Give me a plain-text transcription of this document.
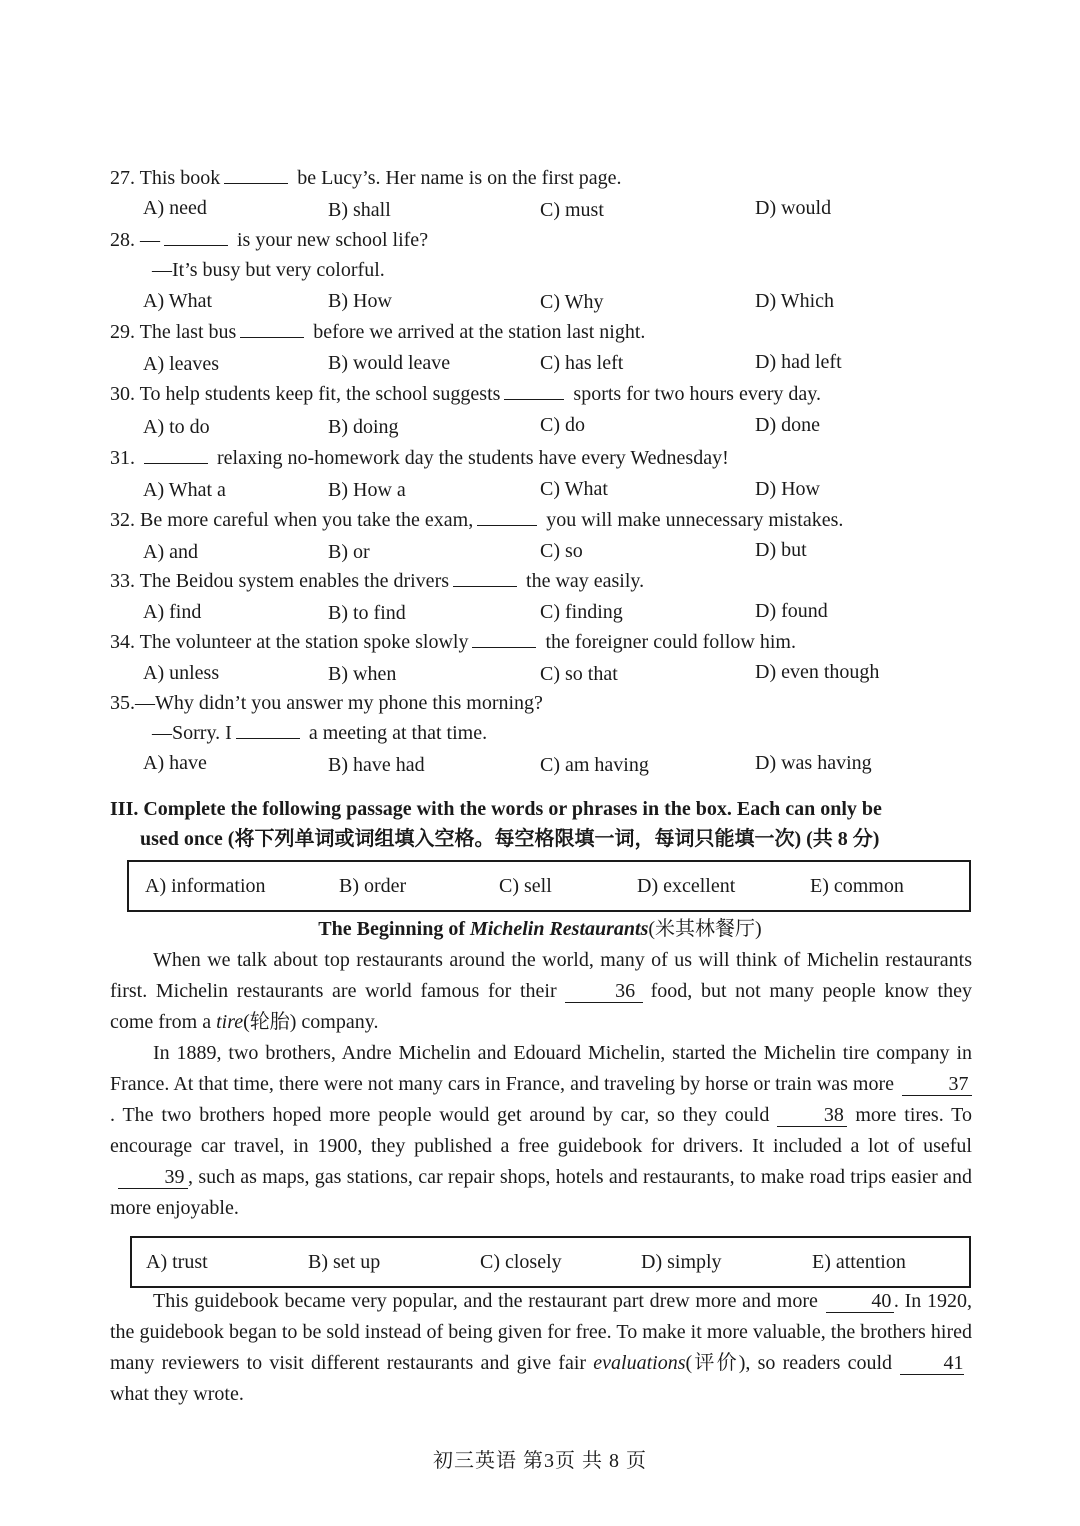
27. This book	be Lucy’s. Her name is on the first page.
A) need	B) shall	C) must	D) would
28. —	is your new school life?
—It’s busy but very colorful.
A) What	B) How	C) Why	D) Which
29. The last bus	before we arrived at the station last night.
A) leaves	B) would leave	C) has left	D) had left
30. To help students keep fit, the school suggests	sports for two hours every day.
A) to do	B) doing	C) do	D) done
31.	relaxing no-homework day the students have every Wednesday!
A) What a	B) How a	C) What	D) How
32. Be more careful when you take the exam,	you will make unnecessary mistakes.
A) and	B) or	C) so	D) but
33. The Beidou system enables the drivers	the way easily.
A) find	B) to find	C) finding	D) found
34. The volunteer at the station spoke slowly	the foreigner could follow him.
A) unless	B) when	C) so that	D) even though
35.—Why didn’t you answer my phone this morning?
—Sorry. I	a meeting at that time.
A) have	B) have had	C) am having	D) was having
III. Complete the following passage with the words or phrases in the box. Each can only be
used once (将下列单词或词组填入空格。每空格限填一词，每词只能填一次) (共 8 分)
A) information	B) order	C) sell	D) excellent	E) common
The Beginning of Michelin Restaurants(米其林餐厅)

When we talk about top restaurants around the world, many of us will think of Michelin restaurants first. Michelin restaurants are world famous for their	36 food, but not many people know they come from a tire(轮胎) company.

In 1889, two brothers, Andre Michelin and Edouard Michelin, started the Michelin tire company in France. At that time, there were not many cars in France, and traveling by horse or train was more	37. The two brothers hoped more people would get around by car, so they could	38 more tires. To encourage car travel, in 1900, they published a free guidebook for drivers. It included a lot of useful39 , such as maps, gas stations, car repair shops, hotels and restaurants, to make road trips easier and more enjoyable.

A) trust	B) set up	C) closely	D) simply	E) attention

This guidebook became very popular, and the restaurant part drew more and more	40 . In 1920, the guidebook began to be sold instead of being given for free. To make it more valuable, the brothers hired many reviewers to visit different restaurants and give fair evaluations(评价), so readers could	41what they wrote.

初三英语 第3页 共 8 页
